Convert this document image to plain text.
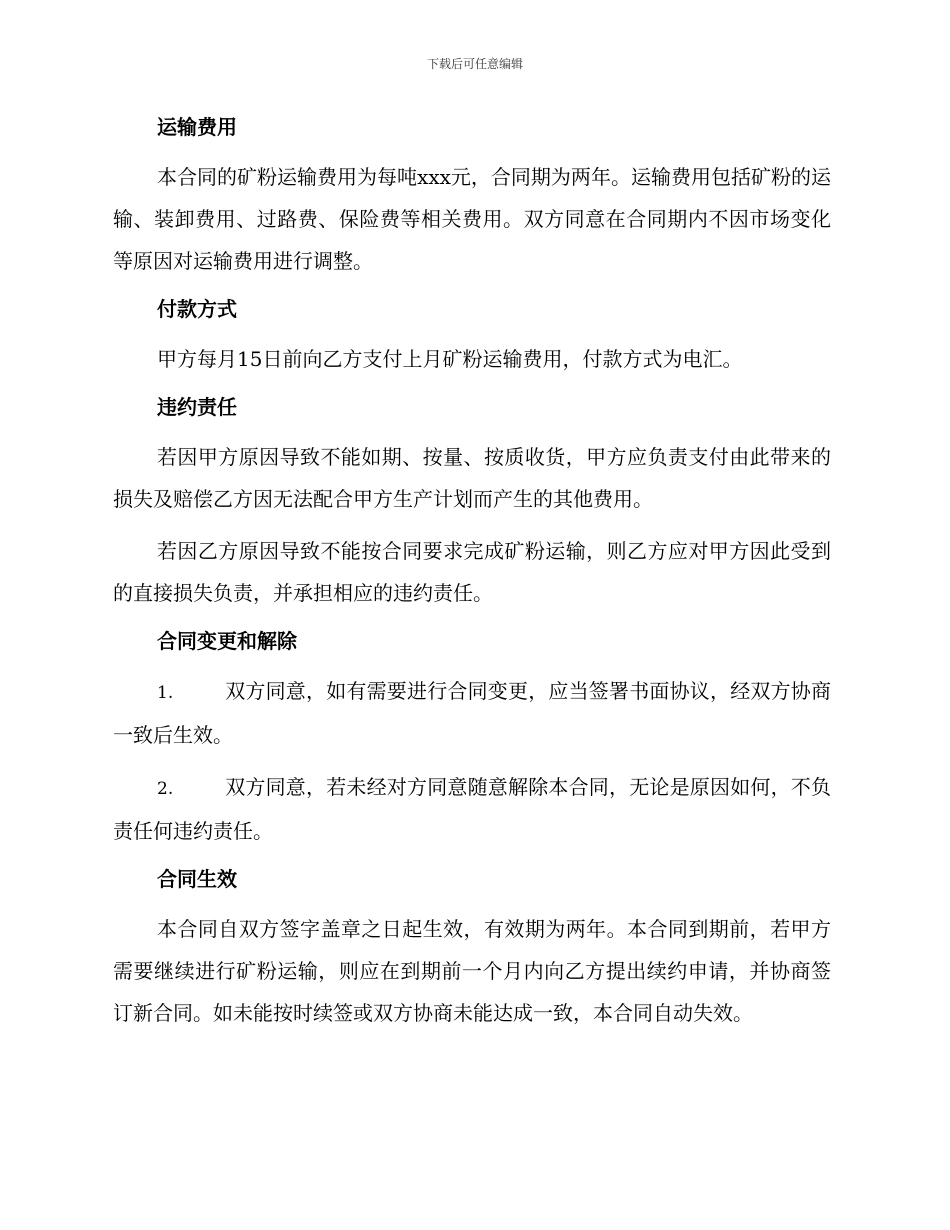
下载后可任意编辑
运输费用

本合同的矿粉运输费用为每吨xxx元，合同期为两年。运输费用包括矿粉的运输、装卸费用、过路费、保险费等相关费用。双方同意在合同期内不因市场变化等原因对运输费用进行调整。

付款方式

甲方每月15日前向乙方支付上月矿粉运输费用，付款方式为电汇。

违约责任

若因甲方原因导致不能如期、按量、按质收货，甲方应负责支付由此带来的损失及赔偿乙方因无法配合甲方生产计划而产生的其他费用。

若因乙方原因导致不能按合同要求完成矿粉运输，则乙方应对甲方因此受到的直接损失负责，并承担相应的违约责任。

合同变更和解除

1.	双方同意，如有需要进行合同变更，应当签署书面协议，经双方协商一致后生效。

2.	双方同意，若未经对方同意随意解除本合同，无论是原因如何，不负责任何违约责任。

合同生效

本合同自双方签字盖章之日起生效，有效期为两年。本合同到期前，若甲方需要继续进行矿粉运输，则应在到期前一个月内向乙方提出续约申请，并协商签订新合同。如未能按时续签或双方协商未能达成一致，本合同自动失效。
